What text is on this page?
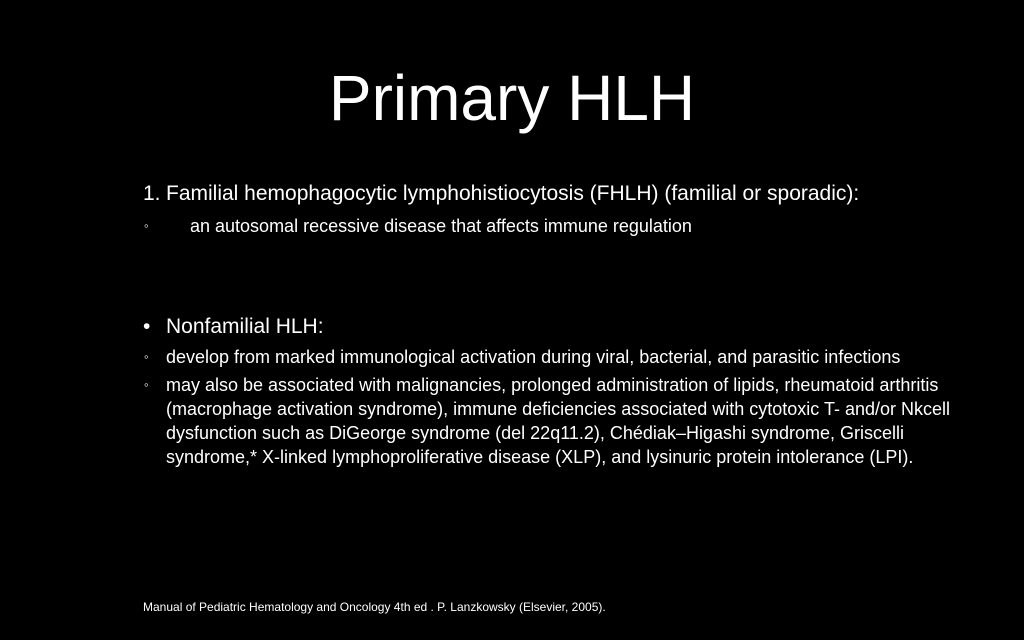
Primary HLH
1. Familial hemophagocytic lymphohistiocytosis (FHLH) (familial or sporadic):
◦ an autosomal recessive disease that affects immune regulation
• Nonfamilial HLH:
◦ develop from marked immunological activation during viral, bacterial, and parasitic infections
◦ may also be associated with malignancies, prolonged administration of lipids, rheumatoid arthritis (macrophage activation syndrome), immune deficiencies associated with cytotoxic T- and/or Nkcell dysfunction such as DiGeorge syndrome (del 22q11.2), Chédiak–Higashi syndrome, Griscelli syndrome,* X-linked lymphoproliferative disease (XLP), and lysinuric protein intolerance (LPI).
Manual of Pediatric Hematology and Oncology 4th ed . P. Lanzkowsky (Elsevier, 2005).
